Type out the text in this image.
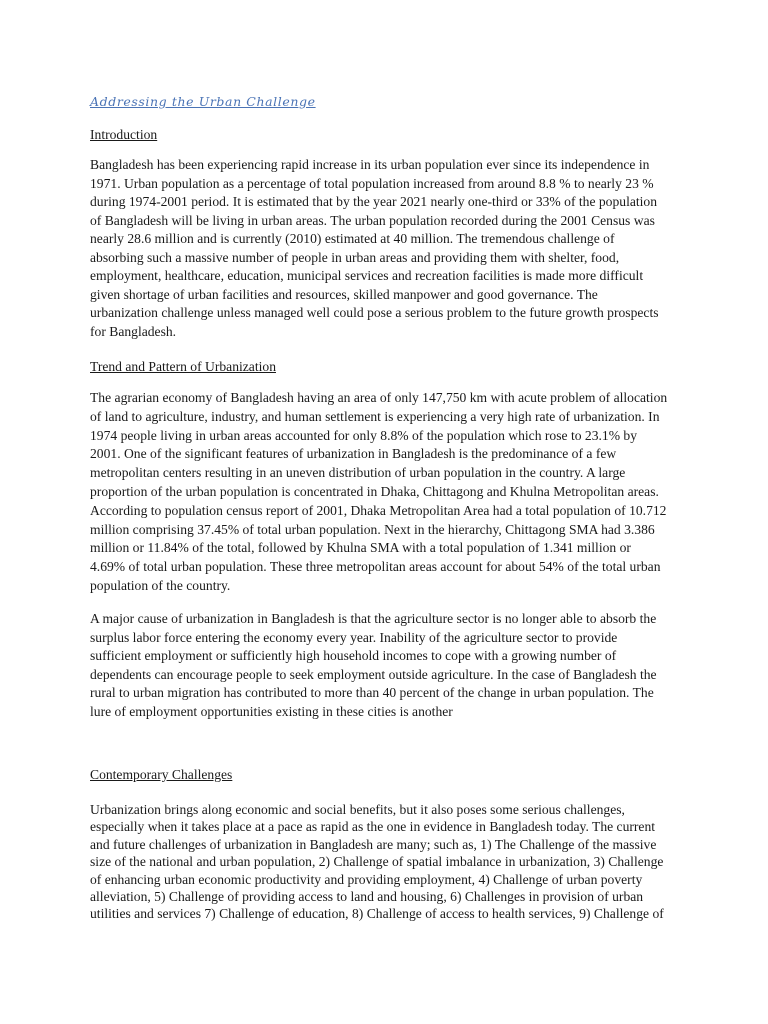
Addressing the Urban Challenge
Introduction
Bangladesh has been experiencing rapid increase in its urban population ever since its independence in
1971. Urban population as a percentage of total population increased from around 8.8 % to nearly 23 %
during 1974-2001 period. It is estimated that by the year 2021 nearly one-third or 33% of the population
of Bangladesh will be living in urban areas. The urban population recorded during the 2001 Census was
nearly 28.6 million and is currently (2010) estimated at 40 million. The tremendous challenge of
absorbing such a massive number of people in urban areas and providing them with shelter, food,
employment, healthcare, education, municipal services and recreation facilities is made more difficult
given shortage of urban facilities and resources, skilled manpower and good governance. The
urbanization challenge unless managed well could pose a serious problem to the future growth prospects
for Bangladesh.
Trend and Pattern of Urbanization
The agrarian economy of Bangladesh having an area of only 147,750 km with acute problem of allocation
of land to agriculture, industry, and human settlement is experiencing a very high rate of urbanization. In
1974 people living in urban areas accounted for only 8.8% of the population which rose to 23.1% by
2001. One of the significant features of urbanization in Bangladesh is the predominance of a few
metropolitan centers resulting in an uneven distribution of urban population in the country. A large
proportion of the urban population is concentrated in Dhaka, Chittagong and Khulna Metropolitan areas.
According to population census report of 2001, Dhaka Metropolitan Area had a total population of 10.712
million comprising 37.45% of total urban population. Next in the hierarchy, Chittagong SMA had 3.386
million or 11.84% of the total, followed by Khulna SMA with a total population of 1.341 million or
4.69% of total urban population. These three metropolitan areas account for about 54% of the total urban
population of the country.
A major cause of urbanization in Bangladesh is that the agriculture sector is no longer able to absorb the
surplus labor force entering the economy every year. Inability of the agriculture sector to provide
sufficient employment or sufficiently high household incomes to cope with a growing number of
dependents can encourage people to seek employment outside agriculture. In the case of Bangladesh the
rural to urban migration has contributed to more than 40 percent of the change in urban population. The
lure of employment opportunities existing in these cities is another
Contemporary Challenges
Urbanization brings along economic and social benefits, but it also poses some serious challenges,
especially when it takes place at a pace as rapid as the one in evidence in Bangladesh today. The current
and future challenges of urbanization in Bangladesh are many; such as, 1) The Challenge of the massive
size of the national and urban population, 2) Challenge of spatial imbalance in urbanization, 3) Challenge
of enhancing urban economic productivity and providing employment, 4) Challenge of urban poverty
alleviation, 5) Challenge of providing access to land and housing, 6) Challenges in provision of urban
utilities and services 7) Challenge of education, 8) Challenge of access to health services, 9) Challenge of
